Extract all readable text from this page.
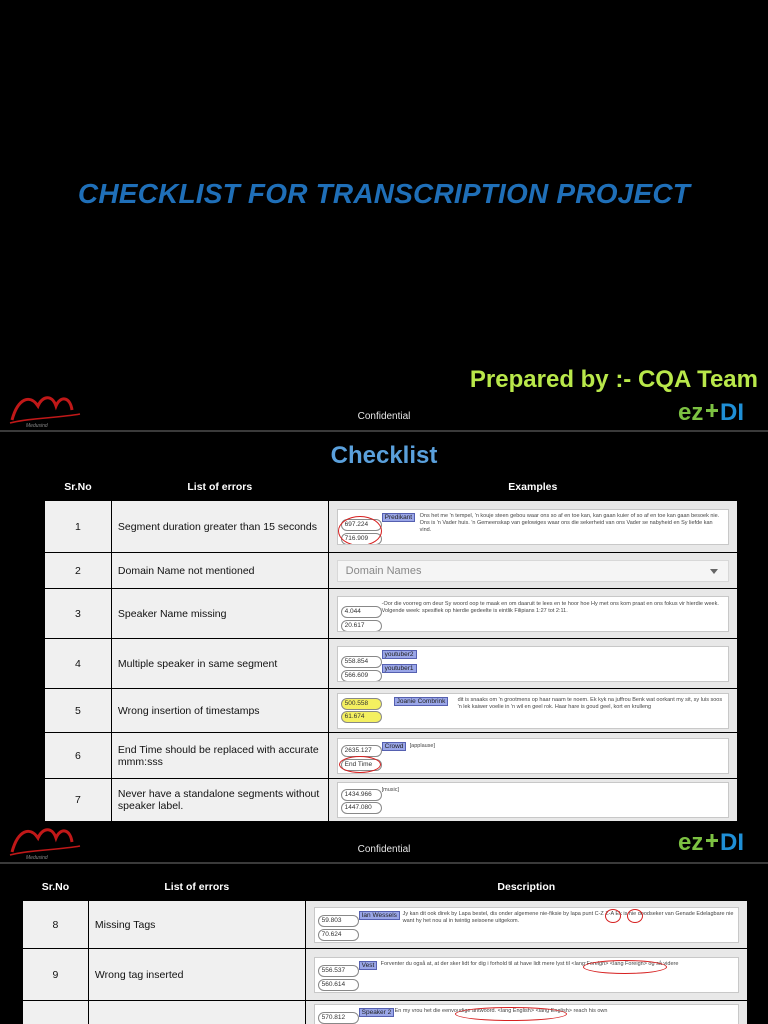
CHECKLIST FOR TRANSCRIPTION PROJECT
Prepared by :- CQA Team
Medusind
Confidential	ez DI
Checklist
Sr.No	List of errors	Examples
1	Segment duration greater than 15 seconds	697.224
716.909
Predikant Ons het me 'n tempel, 'n kouje steen gebou waar ons so af en toe kan, kan gaan kuier of so af en toe kan gaan besoek nie. Ons is 'n Vader huis. 'n Gemeenskap van gelowiges waar ons die sekerheid van ons Vader se nabyheid en Sy liefde kan vind.

2	Domain Name not mentioned	Domain Names

3	Speaker Name missing	4.044
20.617
-Oor die voorreg om deur Sy woord oop te maak en om daaruit te lees en te hoor hoe Hy met ons kom praat en ons fokus vir hierdie week. Volgende week: spesifiek op hierdie gedeelte is eintlik Filipians 1:27 tot 2:11.

4	Multiple speaker in same segment	558.854
566.609
youtuber2
youtuber1

5	Wrong insertion of timestamps	500.558
61.674
Joanie Combrink dit is snaaks om 'n grootmens op haar naam te noem. Ek kyk na juffrou Benk wat oorkant my sit, sy luis soos 'n lek kaiwer voelie in 'n wil en geel rok. Haar hare is goud geel, kort en krulleng

6	End Time should be replaced with accurate mmm:sss	2635.127
End Time
Crowd [applause]

7	Never have a standalone segments without speaker label.	1434.966
1447.080
[music]
Medusind
Confidential	ez DI
Sr.No	List of errors	Description
8	Missing Tags	59.803
70.624
Ian Wessels Jy kan dit ook direk by Lapa bestel, dis onder algemene nie-fiksie by lapa punt C-Z Z-A Ek is nie doodseker van Genade Edelagbare nie want hy het nou al in twintig seisoene uitgekom.

9	Wrong tag inserted	556.537
560.614
Vest Forventer du også at, at der sker lidt for dig i forhold til at have lidt mere lyst til <lang:Foreign> <lang Foreign> og så videre

		570.812
Speaker 2 En my vrou het die eenvoudige antwoord. <lang English> <lang English> reach his own
